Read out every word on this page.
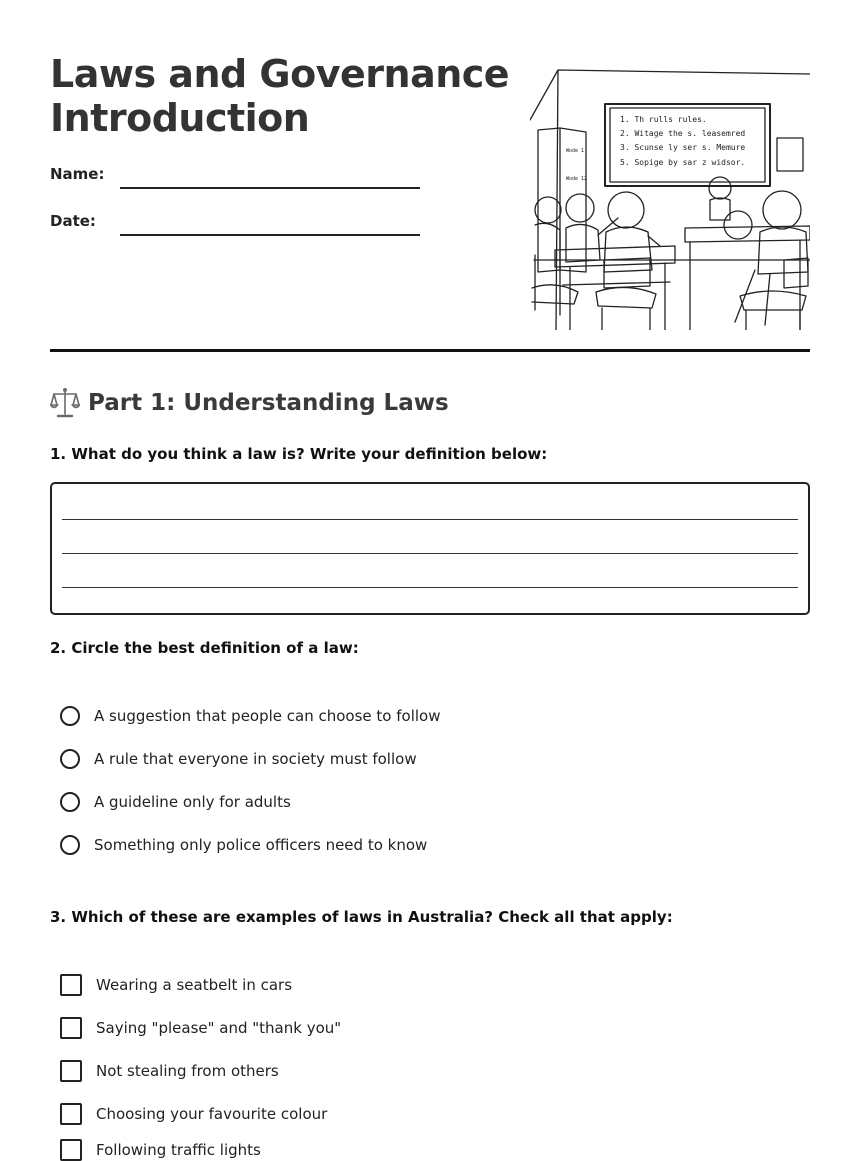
Laws and Governance
Introduction
Name:
Date:
1. Th rulls rules.
2. Witage the s. leasemred
3. Scunse ly ser s. Memure
5. Sopige by sar z widsor.
Wode 1
Wode 12
Part 1: Understanding Laws

1. What do you think a law is? Write your definition below:

2. Circle the best definition of a law:

A suggestion that people can choose to follow
A rule that everyone in society must follow
A guideline only for adults
Something only police officers need to know

3. Which of these are examples of laws in Australia? Check all that apply:

Wearing a seatbelt in cars
Saying "please" and "thank you"
Not stealing from others
Choosing your favourite colour
Following traffic lights
